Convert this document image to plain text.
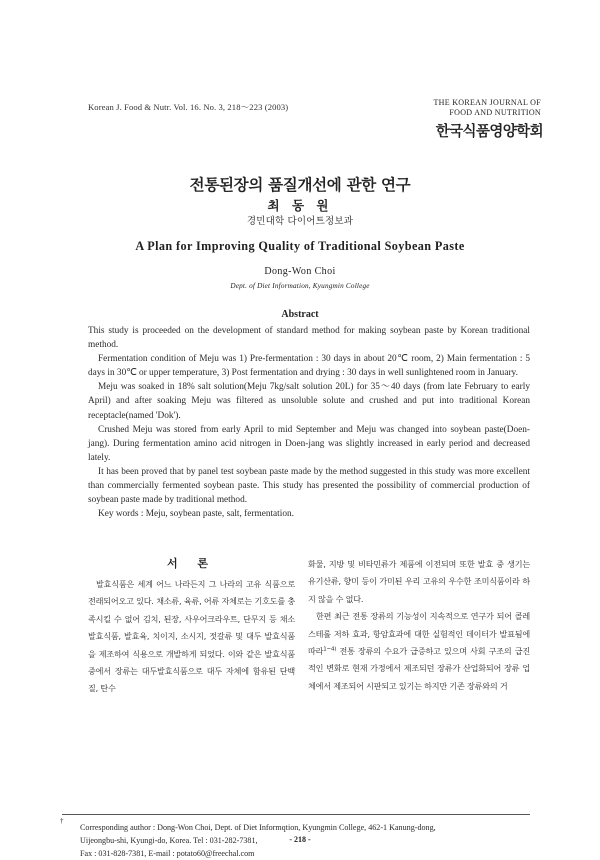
Korean J. Food & Nutr. Vol. 16. No. 3, 218～223 (2003)	THE KOREAN JOURNAL OF
FOOD AND NUTRITION
한국식품영양학회
전통된장의 품질개선에 관한 연구
최 동 원
경민대학 다이어트정보과
A Plan for Improving Quality of Traditional Soybean Paste
Dong-Won Choi
Dept. of Diet Information, Kyungmin College
Abstract

This study is proceeded on the development of standard method for making soybean paste by Korean traditional method.

Fermentation condition of Meju was 1) Pre-fermentation : 30 days in about 20℃ room, 2) Main fermentation : 5 days in 30℃ or upper temperature, 3) Post fermentation and drying : 30 days in well sunlightened room in January.

Meju was soaked in 18% salt solution(Meju 7kg/salt solution 20L) for 35～40 days (from late February to early April) and after soaking Meju was filtered as unsoluble solute and crushed and put into traditional Korean receptacle(named 'Dok').

Crushed Meju was stored from early April to mid September and Meju was changed into soybean paste(Doen-jang). During fermentation amino acid nitrogen in Doen-jang was slightly increased in early period and decreased lately.

It has been proved that by panel test soybean paste made by the method suggested in this study was more excellent than commercially fermented soybean paste. This study has presented the possibility of commercial production of soybean paste made by traditional method.

Key words : Meju, soybean paste, salt, fermentation.

서 론

발효식품은 세계 어느 나라든지 그 나라의 고유 식품으로 전래되어오고 있다. 채소류, 육류, 어류 자체로는 기호도를 충족시킬 수 없어 김치, 된장, 사우어크라우트, 단무지 등 채소 발효식품, 발효육, 치이지, 소시지, 젓갈류 및 대두 발효식품을 제조하여 식용으로 개발하게 되었다. 이와 같은 발효식품 중에서 장류는 대두발효식품으로 대두 자체에 함유된 단백질, 탄수

화물, 지방 및 비타민류가 제품에 이전되며 또한 발효 중 생기는 유기산류, 향미 등이 가미된 우리 고유의 우수한 조미식품이라 하지 않을 수 없다.

한편 최근 전통 장류의 기능성이 지속적으로 연구가 되어 콜레스테롤 저하 효과, 항암효과에 대한 실험적인 데이터가 발표됨에 따라$^{1\sim 4)}$ 전통 장류의 수요가 급증하고 있으며 사회 구조의 급진적인 변화로 현재 가정에서 제조되던 장류가 산업화되어 장류 업체에서 제조되어 시판되고 있기는 하지만 기존 장류와의 거

†
Corresponding author : Dong-Won Choi, Dept. of Diet Informqtion, Kyungmin College, 462-1 Kanung-dong,
Uijeongbu-shi, Kyungi-do, Korea. Tel : 031-282-7381,
Fax : 031-828-7381, E-mail : potato60@freechal.com
- 218 -
